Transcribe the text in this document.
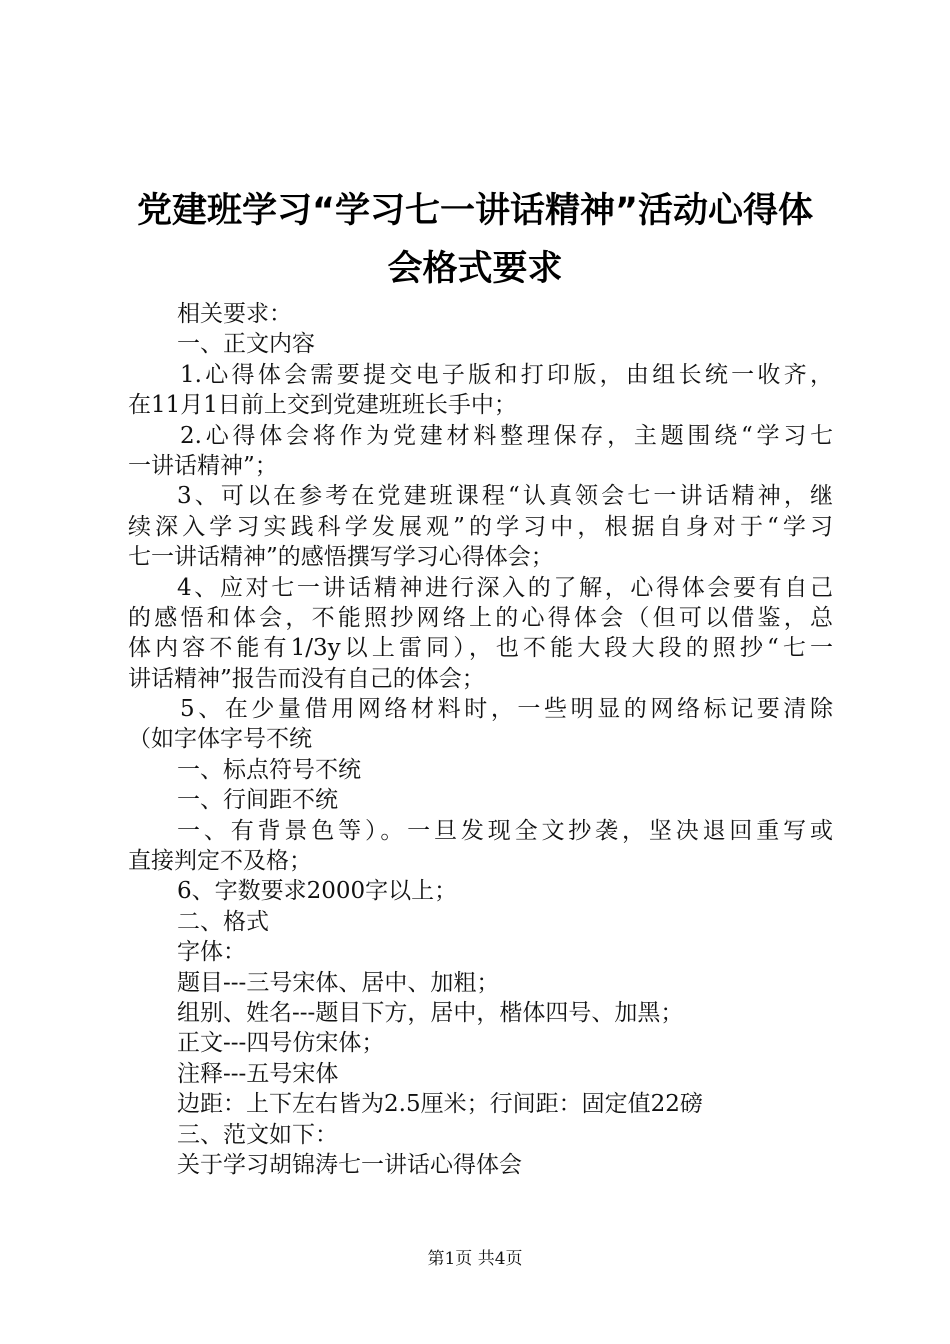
党建班学习“学习七一讲话精神”活动心得体
会格式要求
相关要求：
一、正文内容
1.心得体会需要提交电子版和打印版，由组长统一收齐，
在11月1日前上交到党建班班长手中；
2.心得体会将作为党建材料整理保存，主题围绕“学习七
一讲话精神”；
3、可以在参考在党建班课程“认真领会七一讲话精神，继
续深入学习实践科学发展观”的学习中，根据自身对于“学习
七一讲话精神”的感悟撰写学习心得体会；
4、应对七一讲话精神进行深入的了解，心得体会要有自己
的感悟和体会，不能照抄网络上的心得体会（但可以借鉴，总
体内容不能有1/3y以上雷同），也不能大段大段的照抄“七一
讲话精神”报告而没有自己的体会；
5、在少量借用网络材料时，一些明显的网络标记要清除
（如字体字号不统
一、标点符号不统
一、行间距不统
一、有背景色等）。一旦发现全文抄袭，坚决退回重写或
直接判定不及格；
6、字数要求2000字以上；
二、格式
字体：
题目---三号宋体、居中、加粗；
组别、姓名---题目下方，居中，楷体四号、加黑；
正文---四号仿宋体；
注释---五号宋体
边距：上下左右皆为2.5厘米；行间距：固定值22磅
三、范文如下：
关于学习胡锦涛七一讲话心得体会
第1页 共4页
